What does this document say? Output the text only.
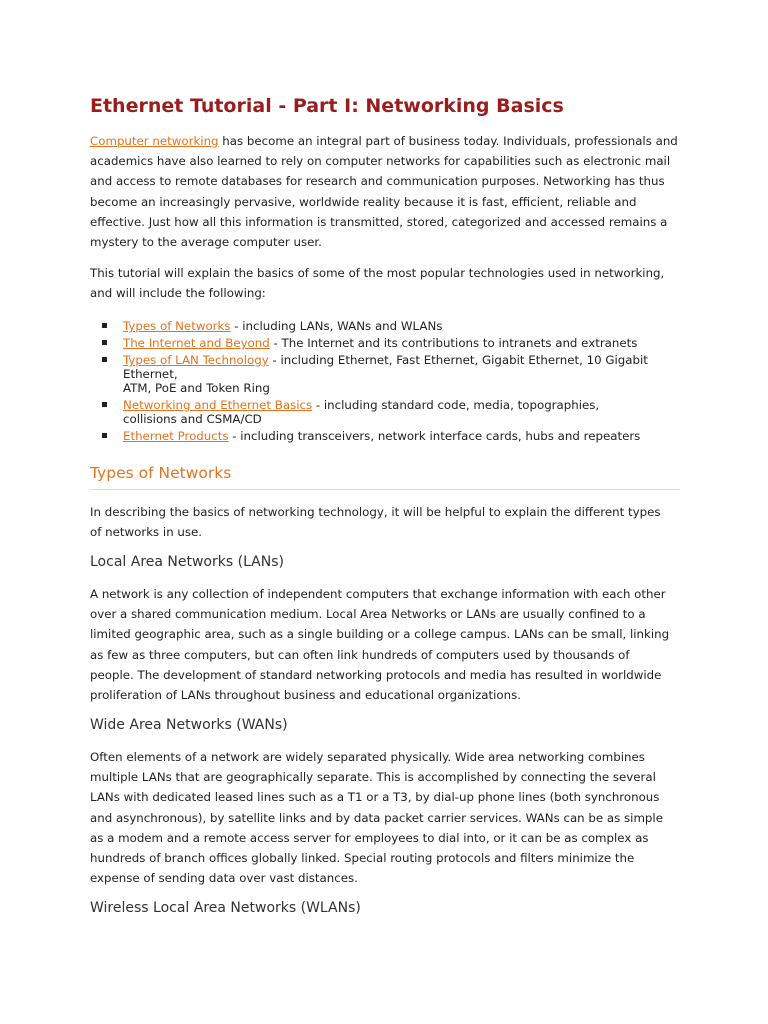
Ethernet Tutorial - Part I: Networking Basics

Computer networking has become an integral part of business today. Individuals, professionals and academics have also learned to rely on computer networks for capabilities such as electronic mail and access to remote databases for research and communication purposes. Networking has thus become an increasingly pervasive, worldwide reality because it is fast, efficient, reliable and effective. Just how all this information is transmitted, stored, categorized and accessed remains a mystery to the average computer user.

This tutorial will explain the basics of some of the most popular technologies used in networking, and will include the following:

Types of Networks - including LANs, WANs and WLANs
The Internet and Beyond - The Internet and its contributions to intranets and extranets
Types of LAN Technology - including Ethernet, Fast Ethernet, Gigabit Ethernet, 10 Gigabit Ethernet,
ATM, PoE and Token Ring
Networking and Ethernet Basics - including standard code, media, topographies, collisions and CSMA/CD
Ethernet Products - including transceivers, network interface cards, hubs and repeaters
Types of Networks

In describing the basics of networking technology, it will be helpful to explain the different types of networks in use.

Local Area Networks (LANs)

A network is any collection of independent computers that exchange information with each other over a shared communication medium. Local Area Networks or LANs are usually confined to a limited geographic area, such as a single building or a college campus. LANs can be small, linking as few as three computers, but can often link hundreds of computers used by thousands of people. The development of standard networking protocols and media has resulted in worldwide proliferation of LANs throughout business and educational organizations.

Wide Area Networks (WANs)

Often elements of a network are widely separated physically. Wide area networking combines multiple LANs that are geographically separate. This is accomplished by connecting the several LANs with dedicated leased lines such as a T1 or a T3, by dial-up phone lines (both synchronous and asynchronous), by satellite links and by data packet carrier services. WANs can be as simple as a modem and a remote access server for employees to dial into, or it can be as complex as hundreds of branch offices globally linked. Special routing protocols and filters minimize the expense of sending data over vast distances.

Wireless Local Area Networks (WLANs)
